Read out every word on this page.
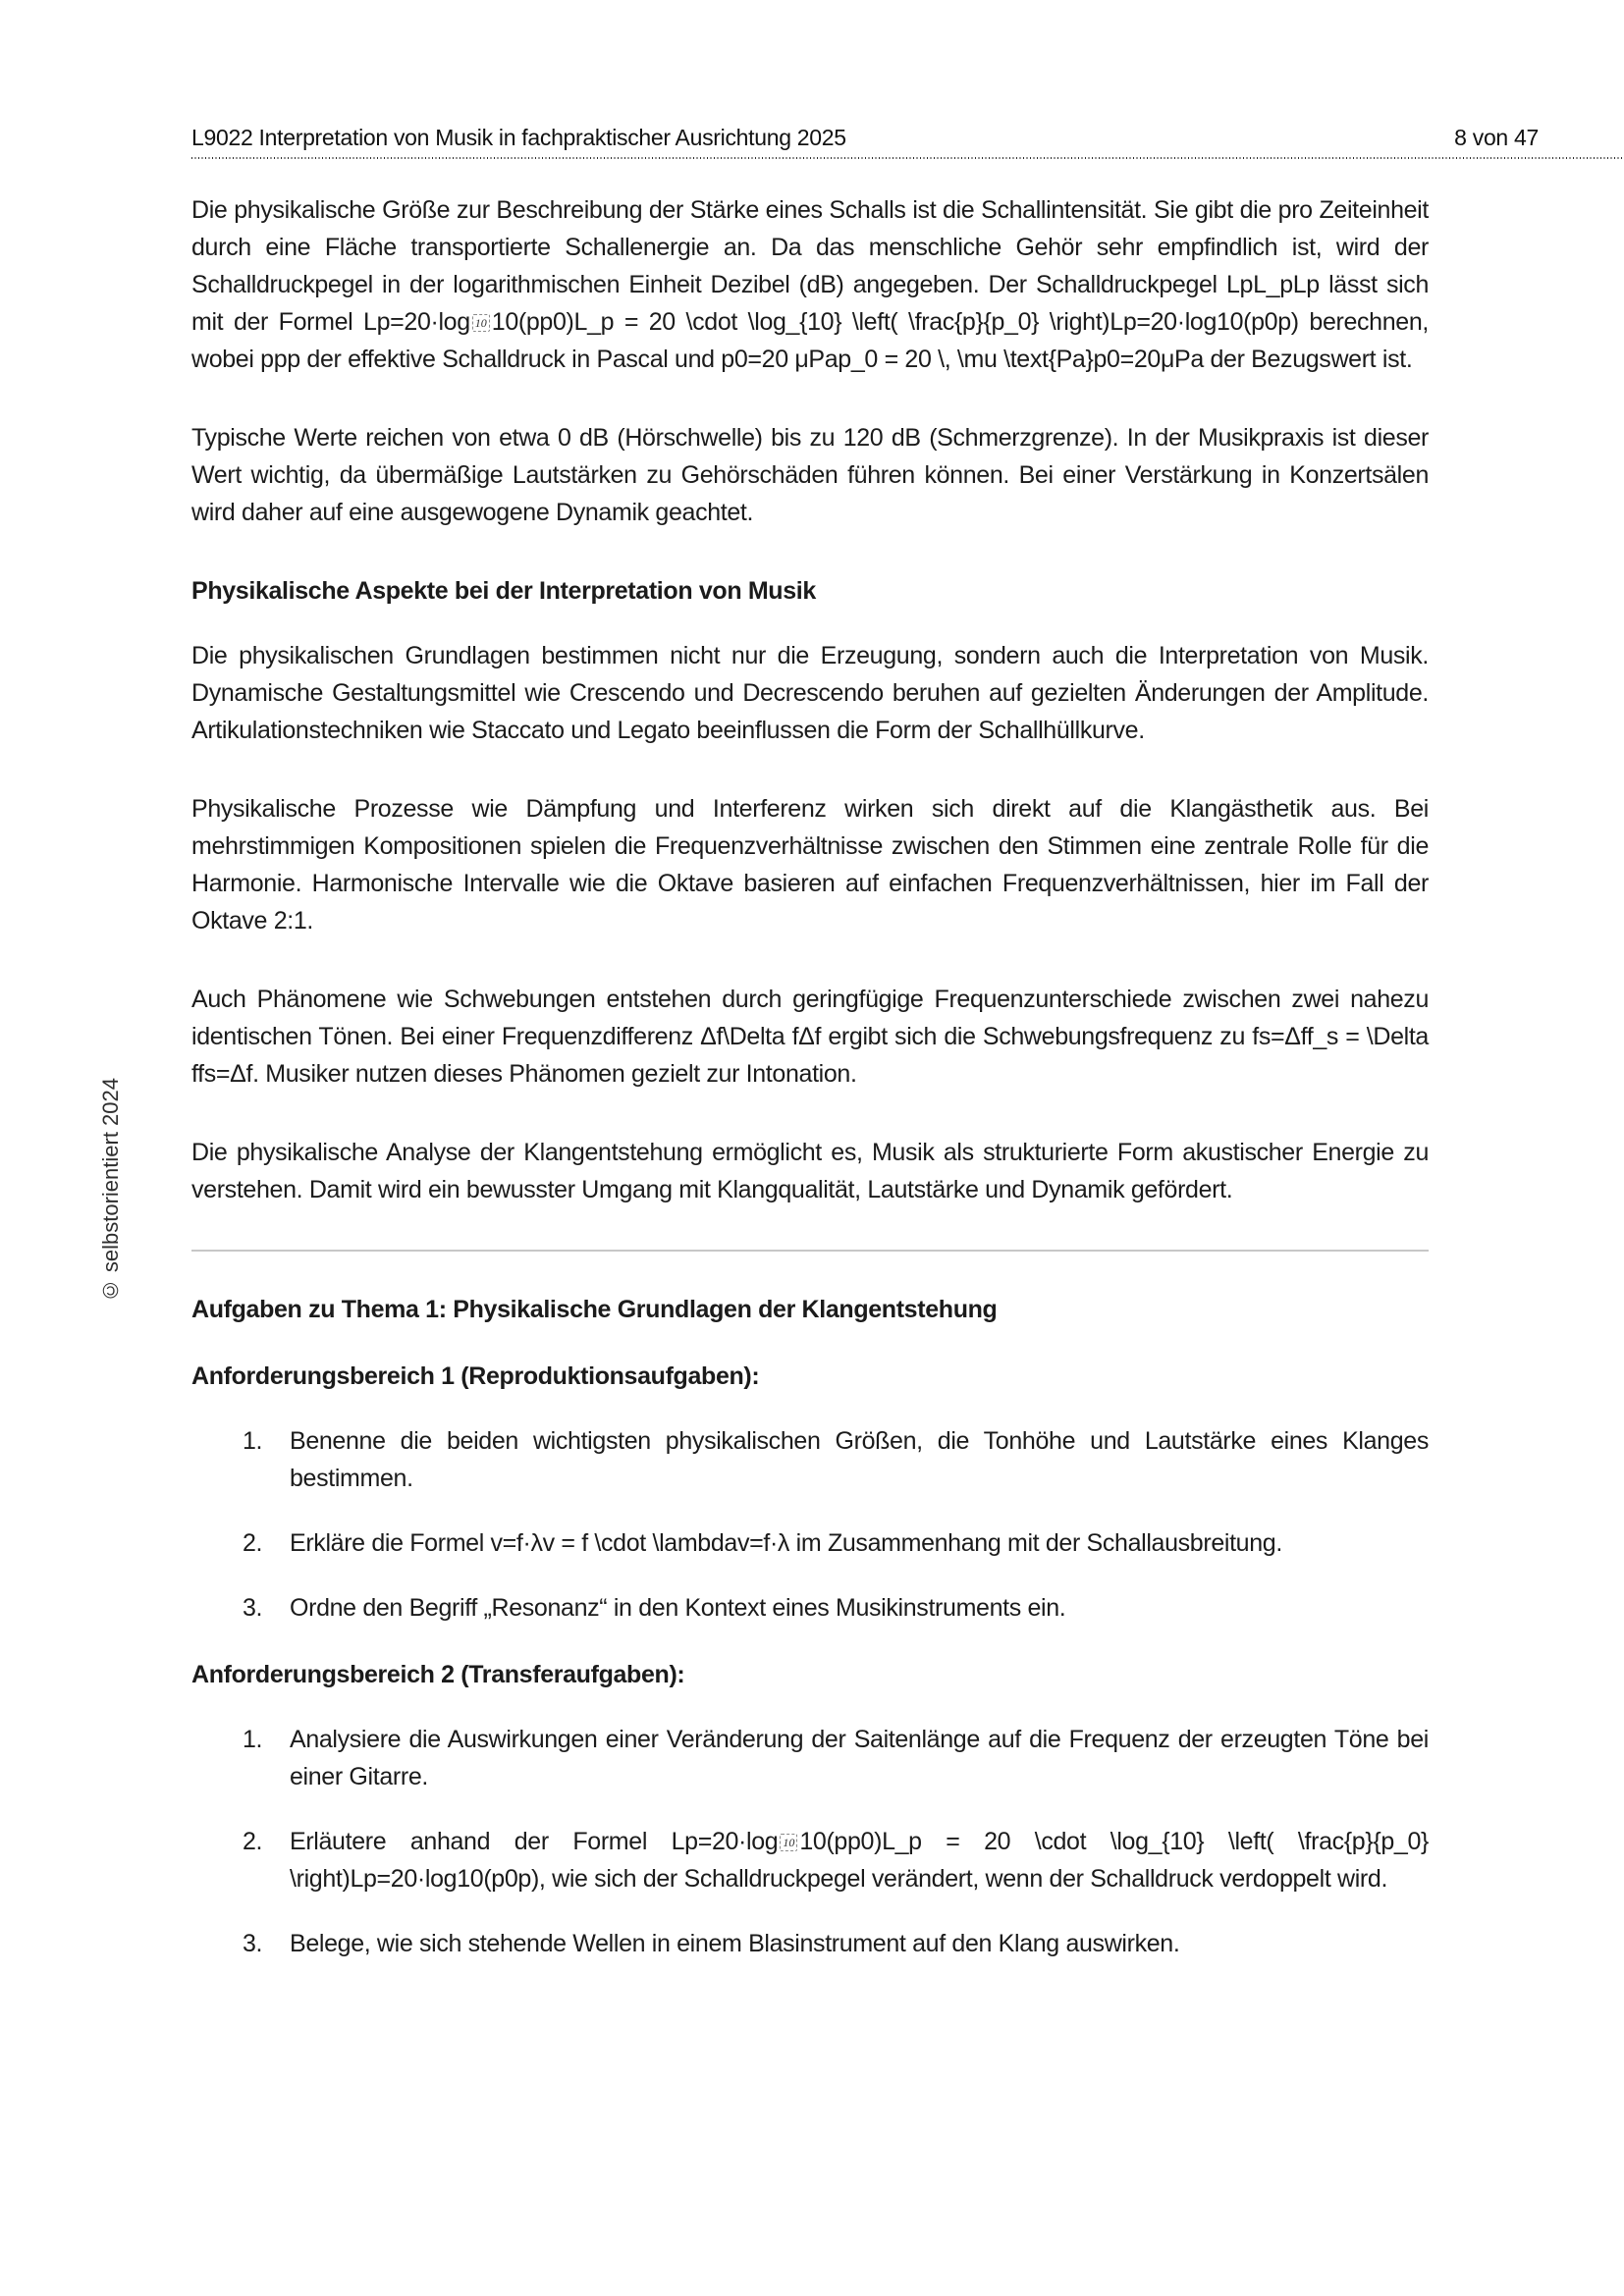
L9022 Interpretation von Musik in fachpraktischer Ausrichtung 2025	8 von 47
© selbstorientiert 2024

Die physikalische Größe zur Beschreibung der Stärke eines Schalls ist die Schallintensität. Sie gibt die pro Zeiteinheit durch eine Fläche transportierte Schallenergie an. Da das menschliche Gehör sehr empfindlich ist, wird der Schalldruckpegel in der logarithmischen Einheit Dezibel (dB) angegeben. Der Schalldruckpegel LpL_pLp lässt sich mit der Formel Lp=20·log 10 10(pp0)L_p = 20 \cdot \log_{10} \left( \frac{p}{p_0} \right)Lp=20·log10(p0p) berechnen, wobei ppp der effektive Schalldruck in Pascal und p0=20 μPap_0 = 20 \, \mu \text{Pa}p0=20μPa der Bezugswert ist.

Typische Werte reichen von etwa 0 dB (Hörschwelle) bis zu 120 dB (Schmerzgrenze). In der Musikpraxis ist dieser Wert wichtig, da übermäßige Lautstärken zu Gehörschäden führen können. Bei einer Verstärkung in Konzertsälen wird daher auf eine ausgewogene Dynamik geachtet.

Physikalische Aspekte bei der Interpretation von Musik

Die physikalischen Grundlagen bestimmen nicht nur die Erzeugung, sondern auch die Interpretation von Musik. Dynamische Gestaltungsmittel wie Crescendo und Decrescendo beruhen auf gezielten Änderungen der Amplitude. Artikulationstechniken wie Staccato und Legato beeinflussen die Form der Schallhüllkurve.

Physikalische Prozesse wie Dämpfung und Interferenz wirken sich direkt auf die Klangästhetik aus. Bei mehrstimmigen Kompositionen spielen die Frequenzverhältnisse zwischen den Stimmen eine zentrale Rolle für die Harmonie. Harmonische Intervalle wie die Oktave basieren auf einfachen Frequenzverhältnissen, hier im Fall der Oktave 2:1.

Auch Phänomene wie Schwebungen entstehen durch geringfügige Frequenzunterschiede zwischen zwei nahezu identischen Tönen. Bei einer Frequenzdifferenz Δf\Delta fΔf ergibt sich die Schwebungsfrequenz zu fs=Δff_s = \Delta ffs=Δf. Musiker nutzen dieses Phänomen gezielt zur Intonation.

Die physikalische Analyse der Klangentstehung ermöglicht es, Musik als strukturierte Form akustischer Energie zu verstehen. Damit wird ein bewusster Umgang mit Klangqualität, Lautstärke und Dynamik gefördert.

Aufgaben zu Thema 1: Physikalische Grundlagen der Klangentstehung
Anforderungsbereich 1 (Reproduktionsaufgaben):
1. Benenne die beiden wichtigsten physikalischen Größen, die Tonhöhe und Lautstärke eines Klanges bestimmen.
2. Erkläre die Formel v=f·λv = f \cdot \lambdav=f·λ im Zusammenhang mit der Schallausbreitung.
3. Ordne den Begriff „Resonanz“ in den Kontext eines Musikinstruments ein.
Anforderungsbereich 2 (Transferaufgaben):
1. Analysiere die Auswirkungen einer Veränderung der Saitenlänge auf die Frequenz der erzeugten Töne bei einer Gitarre.
2. Erläutere anhand der Formel Lp=20·log 10 10(pp0)L_p = 20 \cdot \log_{10} \left( \frac{p}{p_0} \right)Lp=20·log10(p0p), wie sich der Schalldruckpegel verändert, wenn der Schalldruck verdoppelt wird.
3. Belege, wie sich stehende Wellen in einem Blasinstrument auf den Klang auswirken.
